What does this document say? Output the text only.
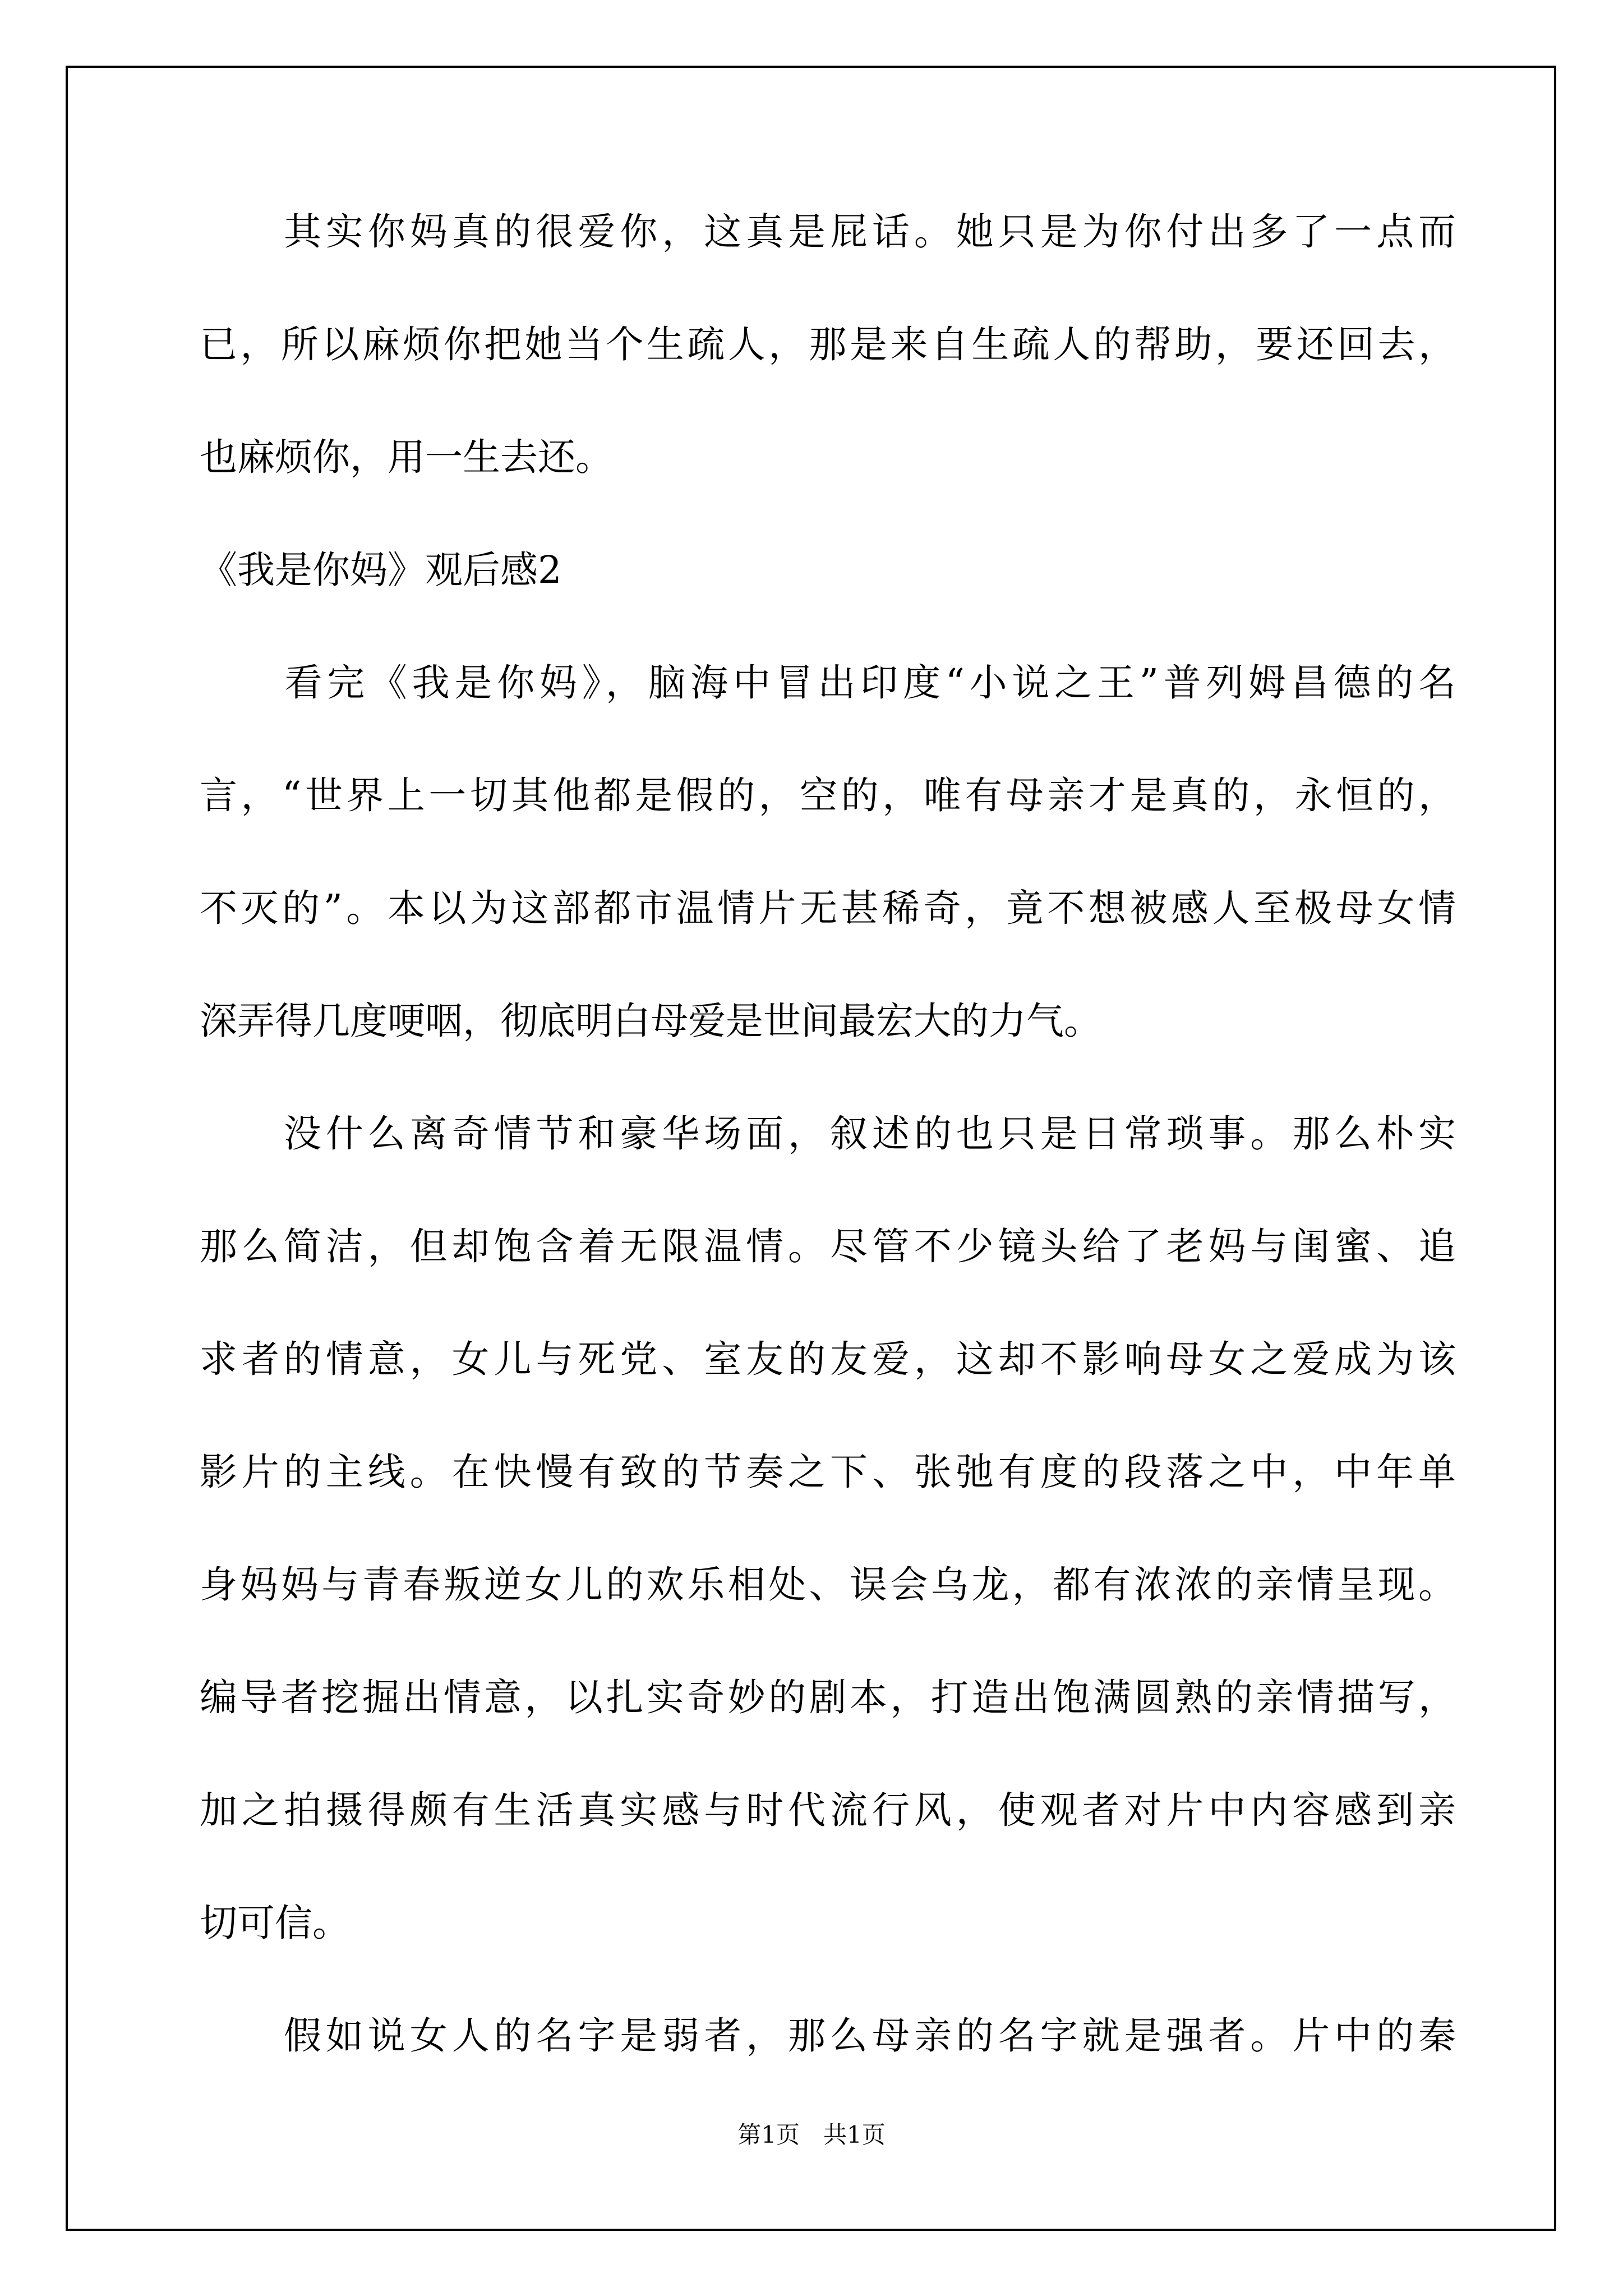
　　其实你妈真的很爱你，这真是屁话。她只是为你付出多了一点而

已，所以麻烦你把她当个生疏人，那是来自生疏人的帮助，要还回去，

也麻烦你，用一生去还。

《我是你妈》观后感2

　　看完《我是你妈》，脑海中冒出印度“小说之王”普列姆昌德的名

言，“世界上一切其他都是假的，空的，唯有母亲才是真的，永恒的，

不灭的”。本以为这部都市温情片无甚稀奇，竟不想被感人至极母女情

深弄得几度哽咽，彻底明白母爱是世间最宏大的力气。

　　没什么离奇情节和豪华场面，叙述的也只是日常琐事。那么朴实

那么简洁，但却饱含着无限温情。尽管不少镜头给了老妈与闺蜜、追

求者的情意，女儿与死党、室友的友爱，这却不影响母女之爱成为该

影片的主线。在快慢有致的节奏之下、张弛有度的段落之中，中年单

身妈妈与青春叛逆女儿的欢乐相处、误会乌龙，都有浓浓的亲情呈现。

编导者挖掘出情意，以扎实奇妙的剧本，打造出饱满圆熟的亲情描写，

加之拍摄得颇有生活真实感与时代流行风，使观者对片中内容感到亲

切可信。

　　假如说女人的名字是弱者，那么母亲的名字就是强者。片中的秦

第1页　共1页
